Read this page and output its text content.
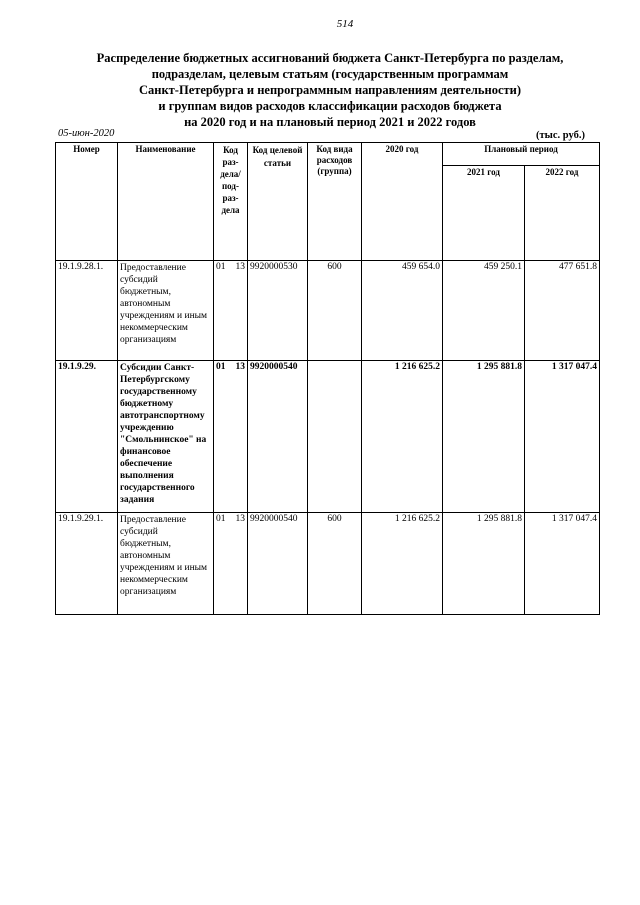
514
Распределение бюджетных ассигнований бюджета Санкт-Петербурга по разделам,
подразделам, целевым статьям (государственным программам
Санкт-Петербурга и непрограммным направлениям деятельности)
и группам видов расходов классификации расходов бюджета
на 2020 год и на плановый период 2021 и 2022 годов
05-июн-2020	(тыс. руб.)
Номер	Наименование	Код раз- дела/ под- раз- дела	Код целевой статьи	Код вида расходов (группа)	2020 год	Плановый период	
						2021 год	2022 год
19.1.9.28.1.	Предоставление субсидий бюджетным, автономным учреждениям и иным некоммерческим организациям	01 13	9920000530	600	459 654.0	459 250.1	477 651.8
19.1.9.29.	Субсидии Санкт-Петербургскому государственному бюджетному автотранспортному учреждению "Смольнинское" на финансовое обеспечение выполнения государственного задания	01 13	9920000540		1 216 625.2	1 295 881.8	1 317 047.4
19.1.9.29.1.	Предоставление субсидий бюджетным, автономным учреждениям и иным некоммерческим организациям	01 13	9920000540	600	1 216 625.2	1 295 881.8	1 317 047.4
